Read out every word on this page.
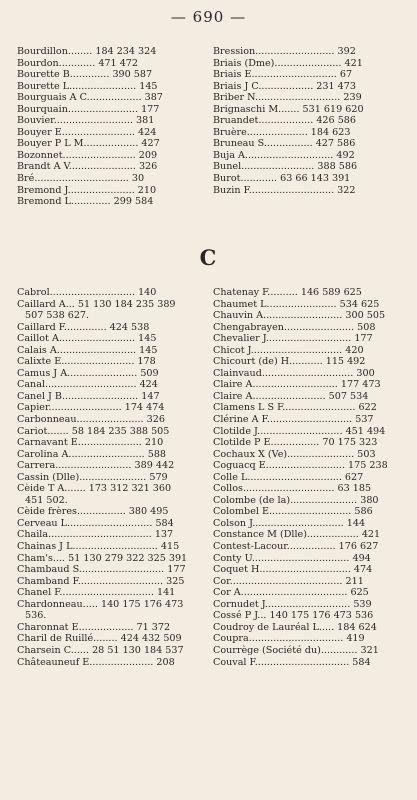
— 690 —
Bourdillon........ 184 234 324
Bourdon............ 471 472
Bourette B............. 390 587
Bourette L...................... 145
Bourguais A C.................. 387
Bourquain....................... 177
Bouvier.......................... 381
Bouyer E........................ 424
Bouyer P L M.................. 427
Bozonnet........................ 209
Brandt A V...................... 326
Bré............................... 30
Bremond J...................... 210
Bremond L............. 299 584
Bression.......................... 392
Briais (Dme)...................... 421
Briais E............................ 67
Briais J C.................. 231 473
Briber N............................ 239
Brignaschi M....... 531 619 620
Bruandet.................. 426 586
Bruère.................... 184 623
Bruneau S................ 427 586
Buja A............................. 492
Bunel........................ 388 586
Burot............ 63 66 143 391
Buzin F............................ 322
C
Cabrol............................ 140
Caillard A... 51 130 184 235 389
507 538 627.
Caillard F.............. 424 538
Caillot A......................... 145
Calais A.......................... 145
Calixte E........................ 178
Camus J A....................... 509
Canal.............................. 424
Canel J B......................... 147
Capier........................ 174 474
Carbonneau...................... 326
Cariot....... 58 184 235 388 505
Carnavant E..................... 210
Carolina A......................... 588
Carrera......................... 389 442
Cassin (Dlle)...................... 579
Cèide T A....... 173 312 321 360
451 502.
Cèide frères................ 380 495
Cerveau L............................ 584
Chaila.................................. 137
Chainas J L............................ 415
Cham's.... 51 130 279 322 325 391
Chambaud S............................ 177
Chamband F............................ 325
Chanel F............................... 141
Chardonneau..... 140 175 176 473
536.
Charonnat E.................. 71 372
Charil de Ruillé........ 424 432 509
Charsein C...... 28 51 130 184 537
Châteauneuf E..................... 208
Chatenay F.......... 146 589 625
Chaumet L....................... 534 625
Chauvin A.......................... 300 505
Chengabrayen....................... 508
Chevalier J............................ 177
Chicot J.............................. 420
Chicourt (de) H........... 115 492
Clainvaud.............................. 300
Claire A............................ 177 473
Claire A........................ 507 534
Clamens L S F........................ 622
Clérine A F............................ 537
Clotilde J............................ 451 494
Clotilde P E................ 70 175 323
Cochaux X (Ve)...................... 503
Coguacq E.......................... 175 238
Colle L............................... 627
Collos.............................. 63 185
Colombe (de la)...................... 380
Colombel E........................... 586
Colson J.............................. 144
Constance M (Dlle)................. 421
Contest-Lacour................ 176 627
Conty U................................ 494
Coquet H.............................. 474
Cor..................................... 211
Cor A................................... 625
Cornudet J............................ 539
Cossé P J... 140 175 176 473 536
Coudroy de Lauréal L..... 184 624
Coupra............................... 419
Courrège (Société du)............ 321
Couval F............................... 584
